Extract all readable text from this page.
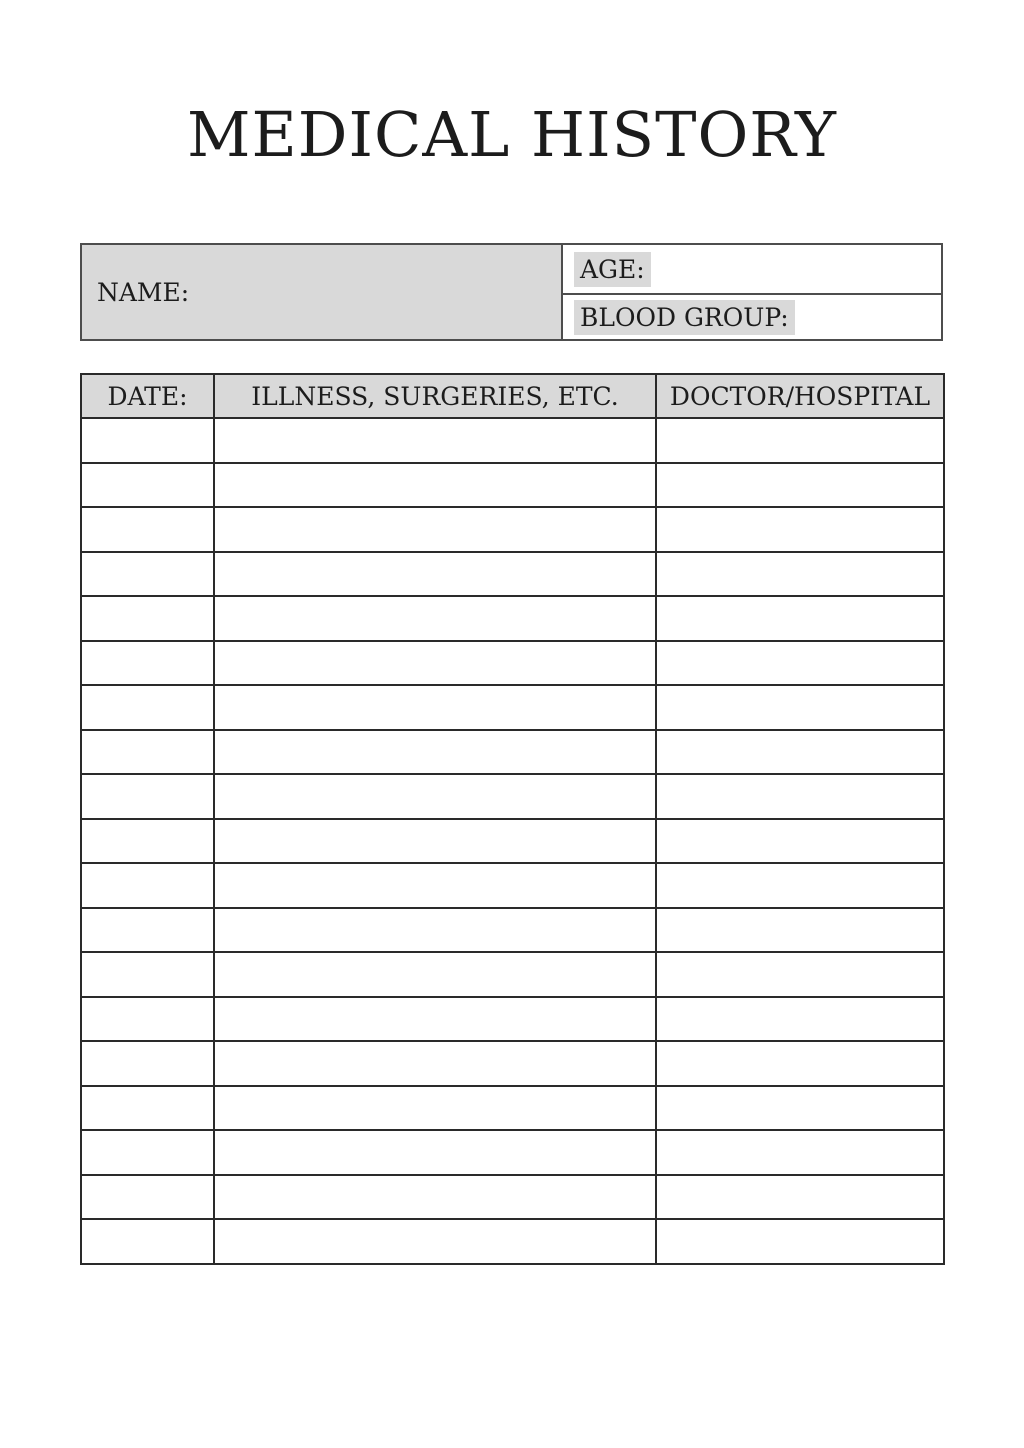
MEDICAL HISTORY
NAME:
AGE:
BLOOD GROUP:
DATE:	ILLNESS, SURGERIES, ETC.	DOCTOR/HOSPITAL
